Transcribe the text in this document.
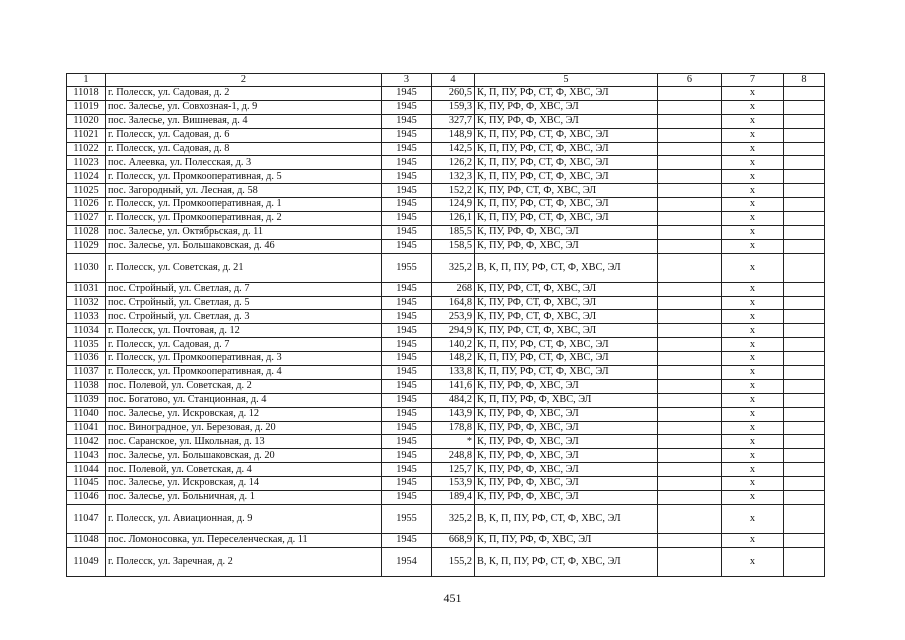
1	2	3	4	5	6	7	8
11018	г. Полесск, ул. Садовая, д. 2	1945	260,5	К, П, ПУ, РФ, СТ, Ф, ХВС, ЭЛ		х	
11019	пос. Залесье, ул. Совхозная-1, д. 9	1945	159,3	К, ПУ, РФ, Ф, ХВС, ЭЛ		х	
11020	пос. Залесье, ул. Вишневая, д. 4	1945	327,7	К, ПУ, РФ, Ф, ХВС, ЭЛ		х	
11021	г. Полесск, ул. Садовая, д. 6	1945	148,9	К, П, ПУ, РФ, СТ, Ф, ХВС, ЭЛ		х	
11022	г. Полесск, ул. Садовая, д. 8	1945	142,5	К, П, ПУ, РФ, СТ, Ф, ХВС, ЭЛ		х	
11023	пос. Алеевка, ул. Полесская, д. 3	1945	126,2	К, П, ПУ, РФ, СТ, Ф, ХВС, ЭЛ		х	
11024	г. Полесск, ул. Промкооперативная, д. 5	1945	132,3	К, П, ПУ, РФ, СТ, Ф, ХВС, ЭЛ		х	
11025	пос. Загородный, ул. Лесная, д. 58	1945	152,2	К, ПУ, РФ, СТ, Ф, ХВС, ЭЛ		х	
11026	г. Полесск, ул. Промкооперативная, д. 1	1945	124,9	К, П, ПУ, РФ, СТ, Ф, ХВС, ЭЛ		х	
11027	г. Полесск, ул. Промкооперативная, д. 2	1945	126,1	К, П, ПУ, РФ, СТ, Ф, ХВС, ЭЛ		х	
11028	пос. Залесье, ул. Октябрьская, д. 11	1945	185,5	К, ПУ, РФ, Ф, ХВС, ЭЛ		х	
11029	пос. Залесье, ул. Большаковская, д. 46	1945	158,5	К, ПУ, РФ, Ф, ХВС, ЭЛ		х	
11030	г. Полесск, ул. Советская, д. 21	1955	325,2	В, К, П, ПУ, РФ, СТ, Ф, ХВС, ЭЛ		х	
11031	пос. Стройный, ул. Светлая, д. 7	1945	268	К, ПУ, РФ, СТ, Ф, ХВС, ЭЛ		х	
11032	пос. Стройный, ул. Светлая, д. 5	1945	164,8	К, ПУ, РФ, СТ, Ф, ХВС, ЭЛ		х	
11033	пос. Стройный, ул. Светлая, д. 3	1945	253,9	К, ПУ, РФ, СТ, Ф, ХВС, ЭЛ		х	
11034	г. Полесск, ул. Почтовая, д. 12	1945	294,9	К, ПУ, РФ, СТ, Ф, ХВС, ЭЛ		х	
11035	г. Полесск, ул. Садовая, д. 7	1945	140,2	К, П, ПУ, РФ, СТ, Ф, ХВС, ЭЛ		х	
11036	г. Полесск, ул. Промкооперативная, д. 3	1945	148,2	К, П, ПУ, РФ, СТ, Ф, ХВС, ЭЛ		х	
11037	г. Полесск, ул. Промкооперативная, д. 4	1945	133,8	К, П, ПУ, РФ, СТ, Ф, ХВС, ЭЛ		х	
11038	пос. Полевой, ул. Советская, д. 2	1945	141,6	К, ПУ, РФ, Ф, ХВС, ЭЛ		х	
11039	пос. Богатово, ул. Станционная, д. 4	1945	484,2	К, П, ПУ, РФ, Ф, ХВС, ЭЛ		х	
11040	пос. Залесье, ул. Искровская, д. 12	1945	143,9	К, ПУ, РФ, Ф, ХВС, ЭЛ		х	
11041	пос. Виноградное, ул. Березовая, д. 20	1945	178,8	К, ПУ, РФ, Ф, ХВС, ЭЛ		х	
11042	пос. Саранское, ул. Школьная, д. 13	1945	*	К, ПУ, РФ, Ф, ХВС, ЭЛ		х	
11043	пос. Залесье, ул. Большаковская, д. 20	1945	248,8	К, ПУ, РФ, Ф, ХВС, ЭЛ		х	
11044	пос. Полевой, ул. Советская, д. 4	1945	125,7	К, ПУ, РФ, Ф, ХВС, ЭЛ		х	
11045	пос. Залесье, ул. Искровская, д. 14	1945	153,9	К, ПУ, РФ, Ф, ХВС, ЭЛ		х	
11046	пос. Залесье, ул. Больничная, д. 1	1945	189,4	К, ПУ, РФ, Ф, ХВС, ЭЛ		х	
11047	г. Полесск, ул. Авиационная, д. 9	1955	325,2	В, К, П, ПУ, РФ, СТ, Ф, ХВС, ЭЛ		х	
11048	пос. Ломоносовка, ул. Переселенческая, д. 11	1945	668,9	К, П, ПУ, РФ, Ф, ХВС, ЭЛ		х	
11049	г. Полесск, ул. Заречная, д. 2	1954	155,2	В, К, П, ПУ, РФ, СТ, Ф, ХВС, ЭЛ		х	
451
